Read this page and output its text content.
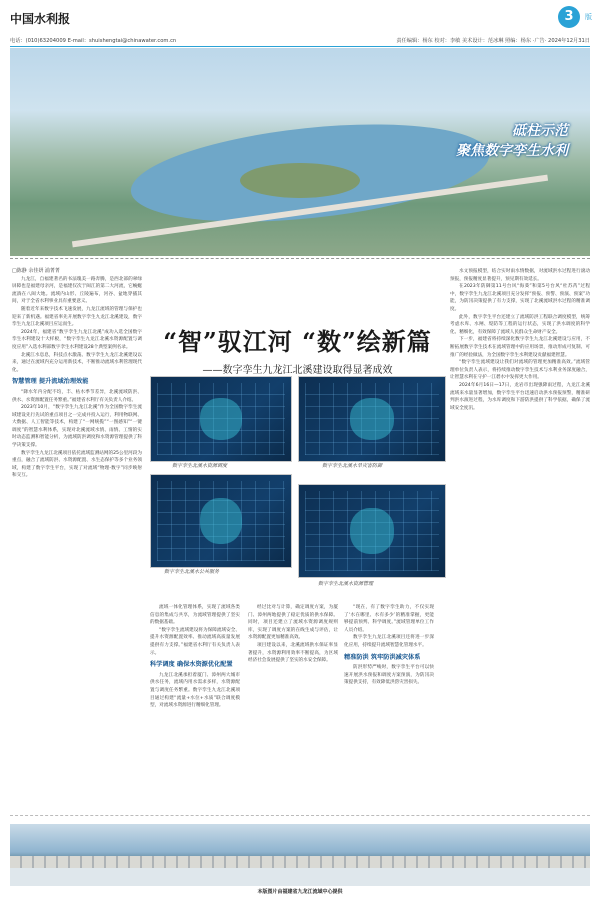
中国水利报	3	版
电话：(010)63204009 E-mail：shuishengtai@chinawater.com.cn	责任编辑：杨东 校对：李敏 美术设计：范冰琳 照编：杨东 ·广告· 2024年12月31日
砥柱示范
聚焦数字孪生水利

□陈静 余佳妍 浦菁菁

九龙江，自福建著名的书法瑰美一路奔腾，是西北部的翠绿屏障也是福建母亲河，是福建仅次于闽江的第二大河流，它蜿蜒流淌在八闽大地。流域内山形、丘陵遍布，河谷、盆地穿插其间，对于全省水利事业具有重要意义。

随着近年来数字技术飞速发展，九龙江流域的管理与保护也迎来了新机遇。福建省率先开展数字孪生九龙江北溪建设，数字孪生九龙江北溪项目应运而生。

2024年，福建省“数字孪生九龙江北溪”成功入选全国数字孪生水利建设十大样板，“数字孪生九龙江北溪水资源配置与调度应用”入选水利部数字孪生水利建设28个典型案例名录。

北溪江水息息，科技点水激荡。数字孪生九龙江北溪建设以来，通过在流域内充分运用新技术，不断推动流域水利管理现代化。

智慧管理 提升流域治理效能

“降水年内分配不均，丰、枯水季节差异，北溪流域防洪、供水、水资源配置任务繁重。”福建省水利厅有关负责人介绍。

2023年10月，“数字孪生九龙江北溪”作为全国数字孪生流域建设先行先试的重点项目之一完成并投入运行，利用物联网、大数据、人工智能等技术，构建了“一网统揽”“一图感知”“一键调度”的智慧水利体系，实现对北溪流域水情、雨情、工情的实时动态监测和智能分析，为流域防洪调度和水资源管理提供了科学决策支撑。

数字孪生九龙江北溪项目依托流域监测站网的25公里河段为重点，融合了流域防洪、水资源配置、水生态保护等多个业务领域，构建了数字孪生平台，实现了对流域“物理-数字”同步映射和交互。

“智”驭江河 “数”绘新篇
——数字孪生九龙江北溪建设取得显著成效
数字孪生北溪水资源调度	数字孪生北溪水旱灾害防御
数字孪生北溪水公共服务
数字孪生北溪水资源管理

流域一体化管理体系，实现了流域各类信息的集成与共享，为流域管理提供了坚实的数据基础。

“数字孪生流域建设将为保障流域安全、提升水资源配置效率、推动流域高质量发展提供有力支撑。”福建省水利厅有关负责人表示。

科学调度 确保水资源优化配置

九龙江北溪承担着厦门、漳州两大城市供水任务，流域内用水需求多样，水资源配置与调度任务繁重。数字孪生九龙江北溪项目通过构建“流量+水位+水质”联合调度模型，对流域水资源进行精细化管理。

经过比对与计算，确定调度方案，为厦门、漳州两地提供了稳定优质的供水保障。同时，项目还建立了流域水资源调度规则库，实现了调度方案的在线生成与评估，让水资源配置更加精准高效。

项目建设以来，北溪流域供水保证率显著提升，水资源利用效率不断提高，为区域经济社会发展提供了坚实的水安全保障。

“现在，有了数字孪生助力，不仅实现了‘水在哪里、水有多少’的精准掌握，更能够提前预判、科学调度。”流域管理单位工作人员介绍。

数字孪生九龙江北溪项目还将进一步深化应用，持续提升流域智慧化管理水平。

精准防洪 筑牢防洪减灾体系

防洪形势严峻时，数字孪生平台可以快速开展洪水预报和调度方案预演，为防汛决策提供支持，有效降低洪涝灾害损失。

水文预报模型，结合实时雨水情数据，对流域洪水过程进行滚动预报，预报精度显著提升，预见期有效延长。

在2023年防御第11号台风“海葵”和第5号台风“杜苏芮”过程中，数字孪生九龙江北溪项目充分发挥“预报、预警、预演、预案”功能，为防汛决策提供了有力支撑，实现了北溪流域洪水过程的精准调度。

此外，数字孪生平台还建立了流域防洪工程联合调度模型，统筹考虑水库、水闸、堤防等工程的运行状态，实现了洪水调度的科学化、精细化，有效保障了流域人民群众生命财产安全。

下一步，福建省将持续深化数字孪生九龙江北溪建设与应用，不断拓展数字孪生技术在流域管理中的应用场景，推动形成可复制、可推广的经验做法，为全国数字孪生水利建设贡献福建智慧。

“数字孪生流域建设让我们对流域的管理更加精准高效。”流域管理单位负责人表示，将持续推动数字孪生技术与水利业务深度融合，让智慧水利在守护一江碧水中发挥更大作用。

2024年6月16日—17日，龙岩市出现强降雨过程，九龙江北溪流域来水量显著增加，数字孪生平台迅速启动洪水预报预警，精准研判洪水演进过程，为水库调度和下游防洪提供了科学依据，确保了流域安全度汛。

本版图片由福建省九龙江流域中心提供
